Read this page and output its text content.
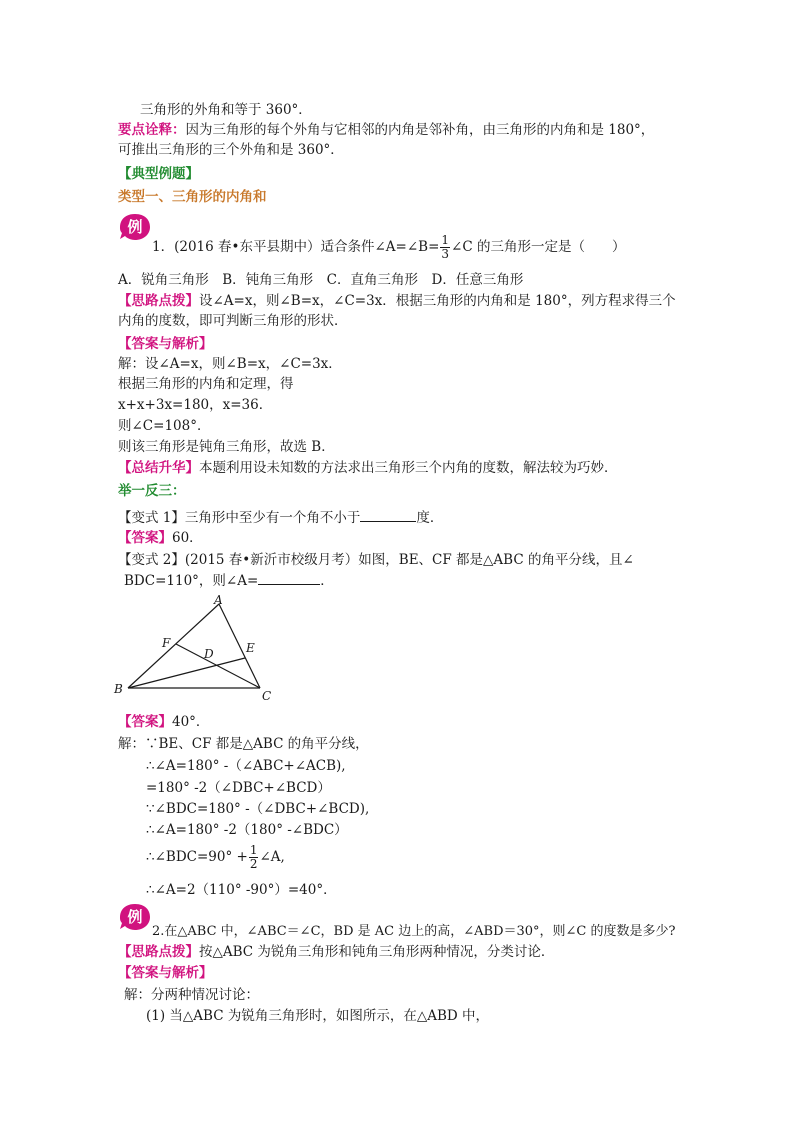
三角形的外角和等于 360°．
要点诠释：因为三角形的每个外角与它相邻的内角是邻补角，由三角形的内角和是 180°，
可推出三角形的三个外角和是 360°．
【典型例题】
类型一、三角形的内角和
例
1．(2016 春•东平县期中）适合条件∠A=∠B= $\frac{1}{3}$ ∠C 的三角形一定是（　　）
A．锐角三角形　B．钝角三角形　C．直角三角形　D．任意三角形
【思路点拨】设∠A=x，则∠B=x，∠C=3x．根据三角形的内角和是 180°，列方程求得三个
内角的度数，即可判断三角形的形状．
【答案与解析】
解：设∠A=x，则∠B=x，∠C=3x．
根据三角形的内角和定理，得
x+x+3x=180，x=36．
则∠C=108°．
则该三角形是钝角三角形，故选 B．
【总结升华】本题利用设未知数的方法求出三角形三个内角的度数，解法较为巧妙．
举一反三：
【变式 1】三角形中至少有一个角不小于	度．
【答案】60．
【变式 2】(2015 春•新沂市校级月考）如图，BE、CF 都是△ABC 的角平分线，且∠
BDC=110°，则∠A=	．
A
B	C
D	E
F
【答案】40°．
解：∵BE、CF 都是△ABC 的角平分线，
∴∠A=180° -（∠ABC+∠ACB),
=180° -2（∠DBC+∠BCD）
∵∠BDC=180° -（∠DBC+∠BCD),
∴∠A=180° -2（180° -∠BDC）
∴∠BDC=90° + $\frac{1}{2}$ ∠A,
∴∠A=2（110° -90°）=40°．
例
2.在△ABC 中，∠ABC＝∠C，BD 是 AC 边上的高，∠ABD＝30°，则∠C 的度数是多少?
【思路点拨】按△ABC 为锐角三角形和钝角三角形两种情况，分类讨论．
【答案与解析】
解：分两种情况讨论：
(1) 当△ABC 为锐角三角形时，如图所示，在△ABD 中，
